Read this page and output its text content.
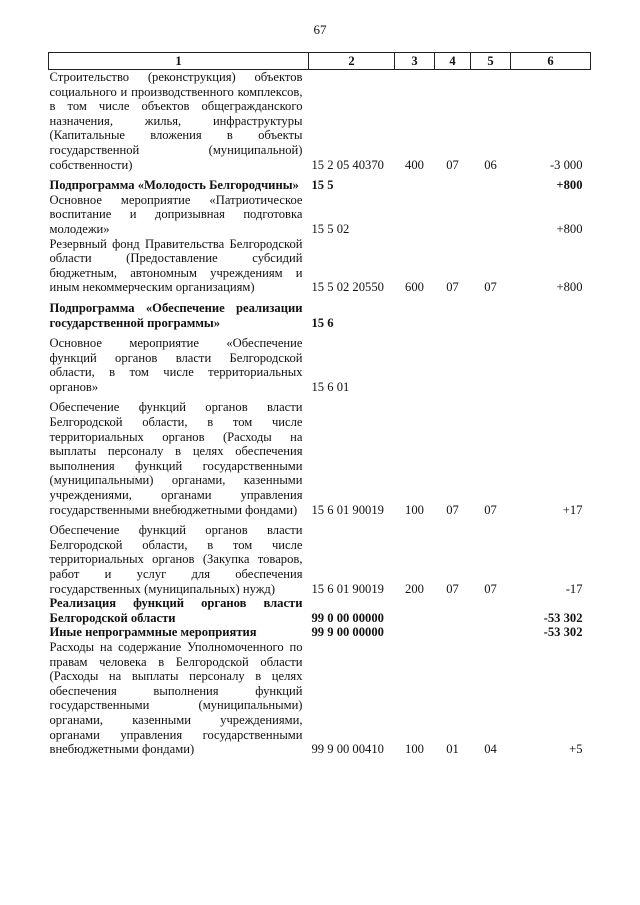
67
1	2	3	4	5	6
Строительство (реконструкция) объектов социального и производственного комплексов, в том числе объектов общегражданского назначения, жилья, инфраструктуры (Капитальные вложения в объекты государственной (муниципальной) собственности)	15 2 05 40370	400	07	06	-3 000
Подпрограмма «Молодость Белгородчины»	15 5				+800
Основное мероприятие «Патриотическое воспитание и допризывная подготовка молодежи»	15 5 02				+800
Резервный фонд Правительства Белгородской области (Предоставление субсидий бюджетным, автономным учреждениям и иным некоммерческим организациям)	15 5 02 20550	600	07	07	+800
Подпрограмма «Обеспечение реализации государственной программы»	15 6				
Основное мероприятие «Обеспечение функций органов власти Белгородской области, в том числе территориальных органов»	15 6 01				
Обеспечение функций органов власти Белгородской области, в том числе территориальных органов (Расходы на выплаты персоналу в целях обеспечения выполнения функций государственными (муниципальными) органами, казенными учреждениями, органами управления государственными внебюджетными фондами)	15 6 01 90019	100	07	07	+17
Обеспечение функций органов власти Белгородской области, в том числе территориальных органов (Закупка товаров, работ и услуг для обеспечения государственных (муниципальных) нужд)	15 6 01 90019	200	07	07	-17
Реализация функций органов власти Белгородской области	99 0 00 00000				-53 302
Иные непрограммные мероприятия	99 9 00 00000				-53 302
Расходы на содержание Уполномоченного по правам человека в Белгородской области (Расходы на выплаты персоналу в целях обеспечения выполнения функций государственными (муниципальными) органами, казенными учреждениями, органами управления государственными внебюджетными фондами)	99 9 00 00410	100	01	04	+5
